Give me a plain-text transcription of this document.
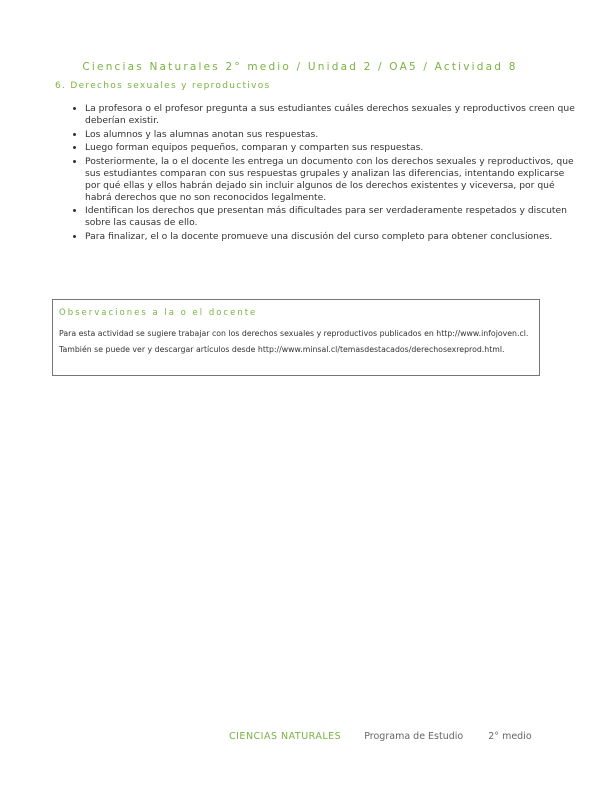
Ciencias Naturales 2° medio / Unidad 2 / OA5 / Actividad 8
6. Derechos sexuales y reproductivos
• La profesora o el profesor pregunta a sus estudiantes cuáles derechos sexuales y reproductivos creen que deberían existir.
• Los alumnos y las alumnas anotan sus respuestas.
• Luego forman equipos pequeños, comparan y comparten sus respuestas.
• Posteriormente, la o el docente les entrega un documento con los derechos sexuales y reproductivos, que sus estudiantes comparan con sus respuestas grupales y analizan las diferencias, intentando explicarse por qué ellas y ellos habrán dejado sin incluir algunos de los derechos existentes y viceversa, por qué habrá derechos que no son reconocidos legalmente.
• Identifican los derechos que presentan más dificultades para ser verdaderamente respetados y discuten sobre las causas de ello.
• Para finalizar, el o la docente promueve una discusión del curso completo para obtener conclusiones.
Observaciones a la o el docente

Para esta actividad se sugiere trabajar con los derechos sexuales y reproductivos publicados en http://www.infojoven.cl.

También se puede ver y descargar artículos desde http://www.minsal.cl/temasdestacados/derechosexreprod.html.

CIENCIAS NATURALES Programa de Estudio	2° medio
